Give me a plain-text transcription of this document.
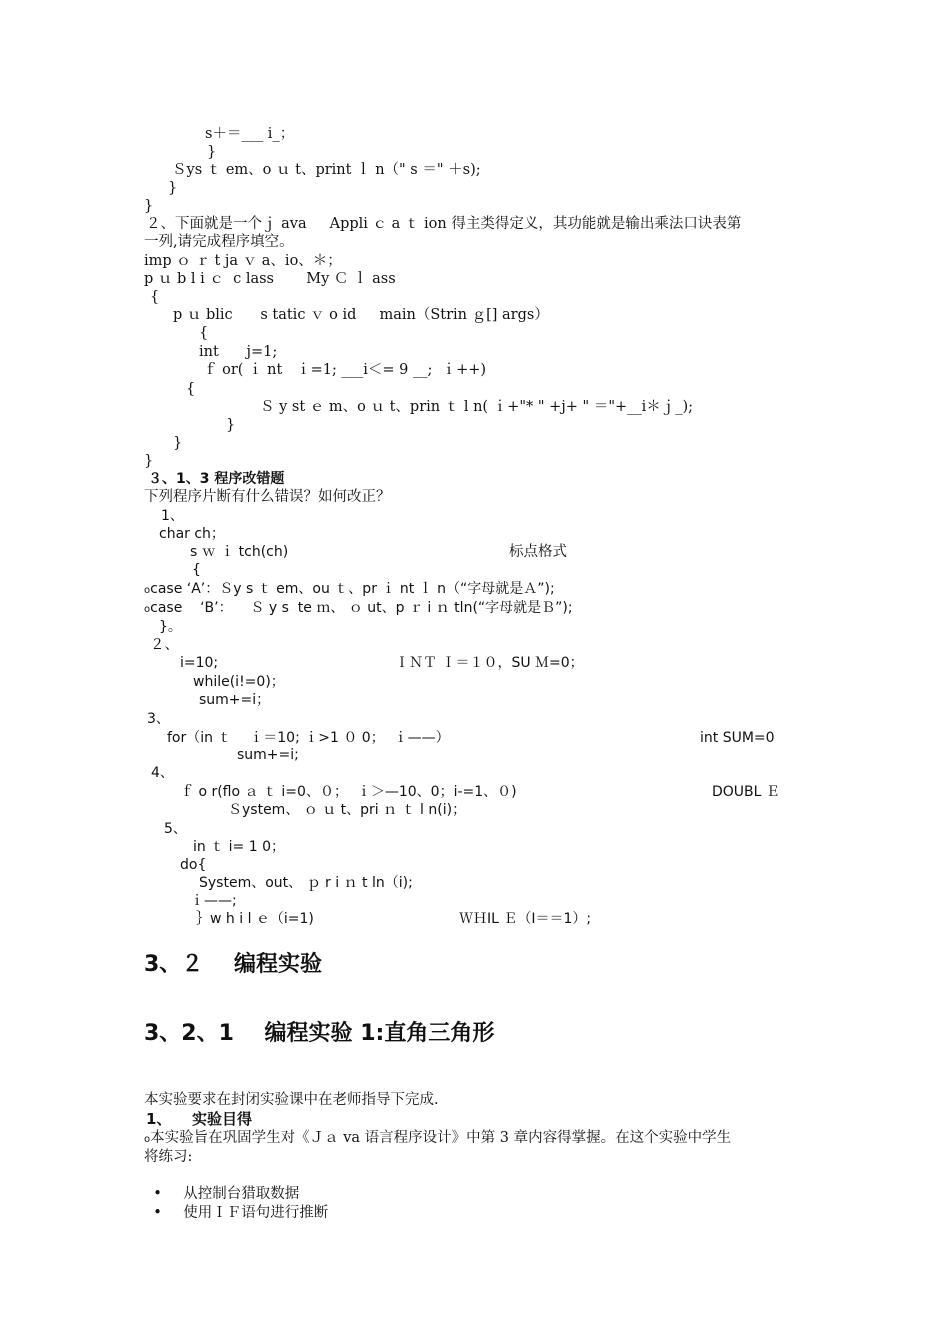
s＋＝___ i_；
}
Ｓys ｔ em、o ｕ t、print ｌ n（" s ＝" ＋s);
}
}
２、下面就是一个ｊ ava     Appli ｃ a ｔ ion 得主类得定义，其功能就是输出乘法口诀表第
一列,请完成程序填空。
imp ｏ ｒ t ja ｖ a、io、＊；
p ｕ b l i ｃ  c lass       My Ｃ ｌ ass
{
p ｕ blic      s tatic ｖ o id     main（Strin ｇ[] args）
{
int      j=1;
ｆ or( ｉ nt   ｉ=1; ___i＜= 9 __;  ｉ++)
{
Ｓ y st ｅ m、o ｕ t、prin ｔ l n( ｉ+"* " +j+ " ＝"+__i＊ｊ_);
}
}
}
３、1、3 程序改错题
下列程序片断有什么错误？如何改正？
1、
char ch；
s ｗ ｉ tch(ch)	标点格式
{
ocase ‘A’：Ｓy s ｔ em、ou ｔ、pr ｉ nt ｌ n（“字母就是Ａ”);
ocase    ‘B’：    Ｓ y s  te ｍ、 ｏ ut、p ｒ i ｎ tln(“字母就是Ｂ”);
}。
２、
i=10;	ＩＮＴ Ｉ＝１０，SU Ｍ=0；
while(i!=0)；
sum+=i；
3、
for（in ｔ    ｉ＝10; ｉ>1 ０ 0；  ｉ——）	int SUM=0
sum+=i;
4、
ｆ o r(flo ａ ｔ i=0、０；  ｉ＞—10、0；i-=1、０)	DOUBL Ｅ
Ｓystem、 ｏ ｕ t、pri ｎ ｔ l n(i)；
5、
in ｔ i= 1 0；
do{
System、out、 ｐ r i ｎ t ln（i);
ｉ——;
｝w h i l ｅ（i=1)	ＷＨIL Ｅ（I＝＝1）;
3、２    编程实验
3、2、1    编程实验 1:直角三角形
本实验要求在封闭实验课中在老师指导下完成.
1、 实验目得
o本实验旨在巩固学生对《Ｊａ va 语言程序设计》中第 3 章内容得掌握。在这个实验中学生
将练习:

• 从控制台猎取数据

• 使用ＩＦ语句进行推断
